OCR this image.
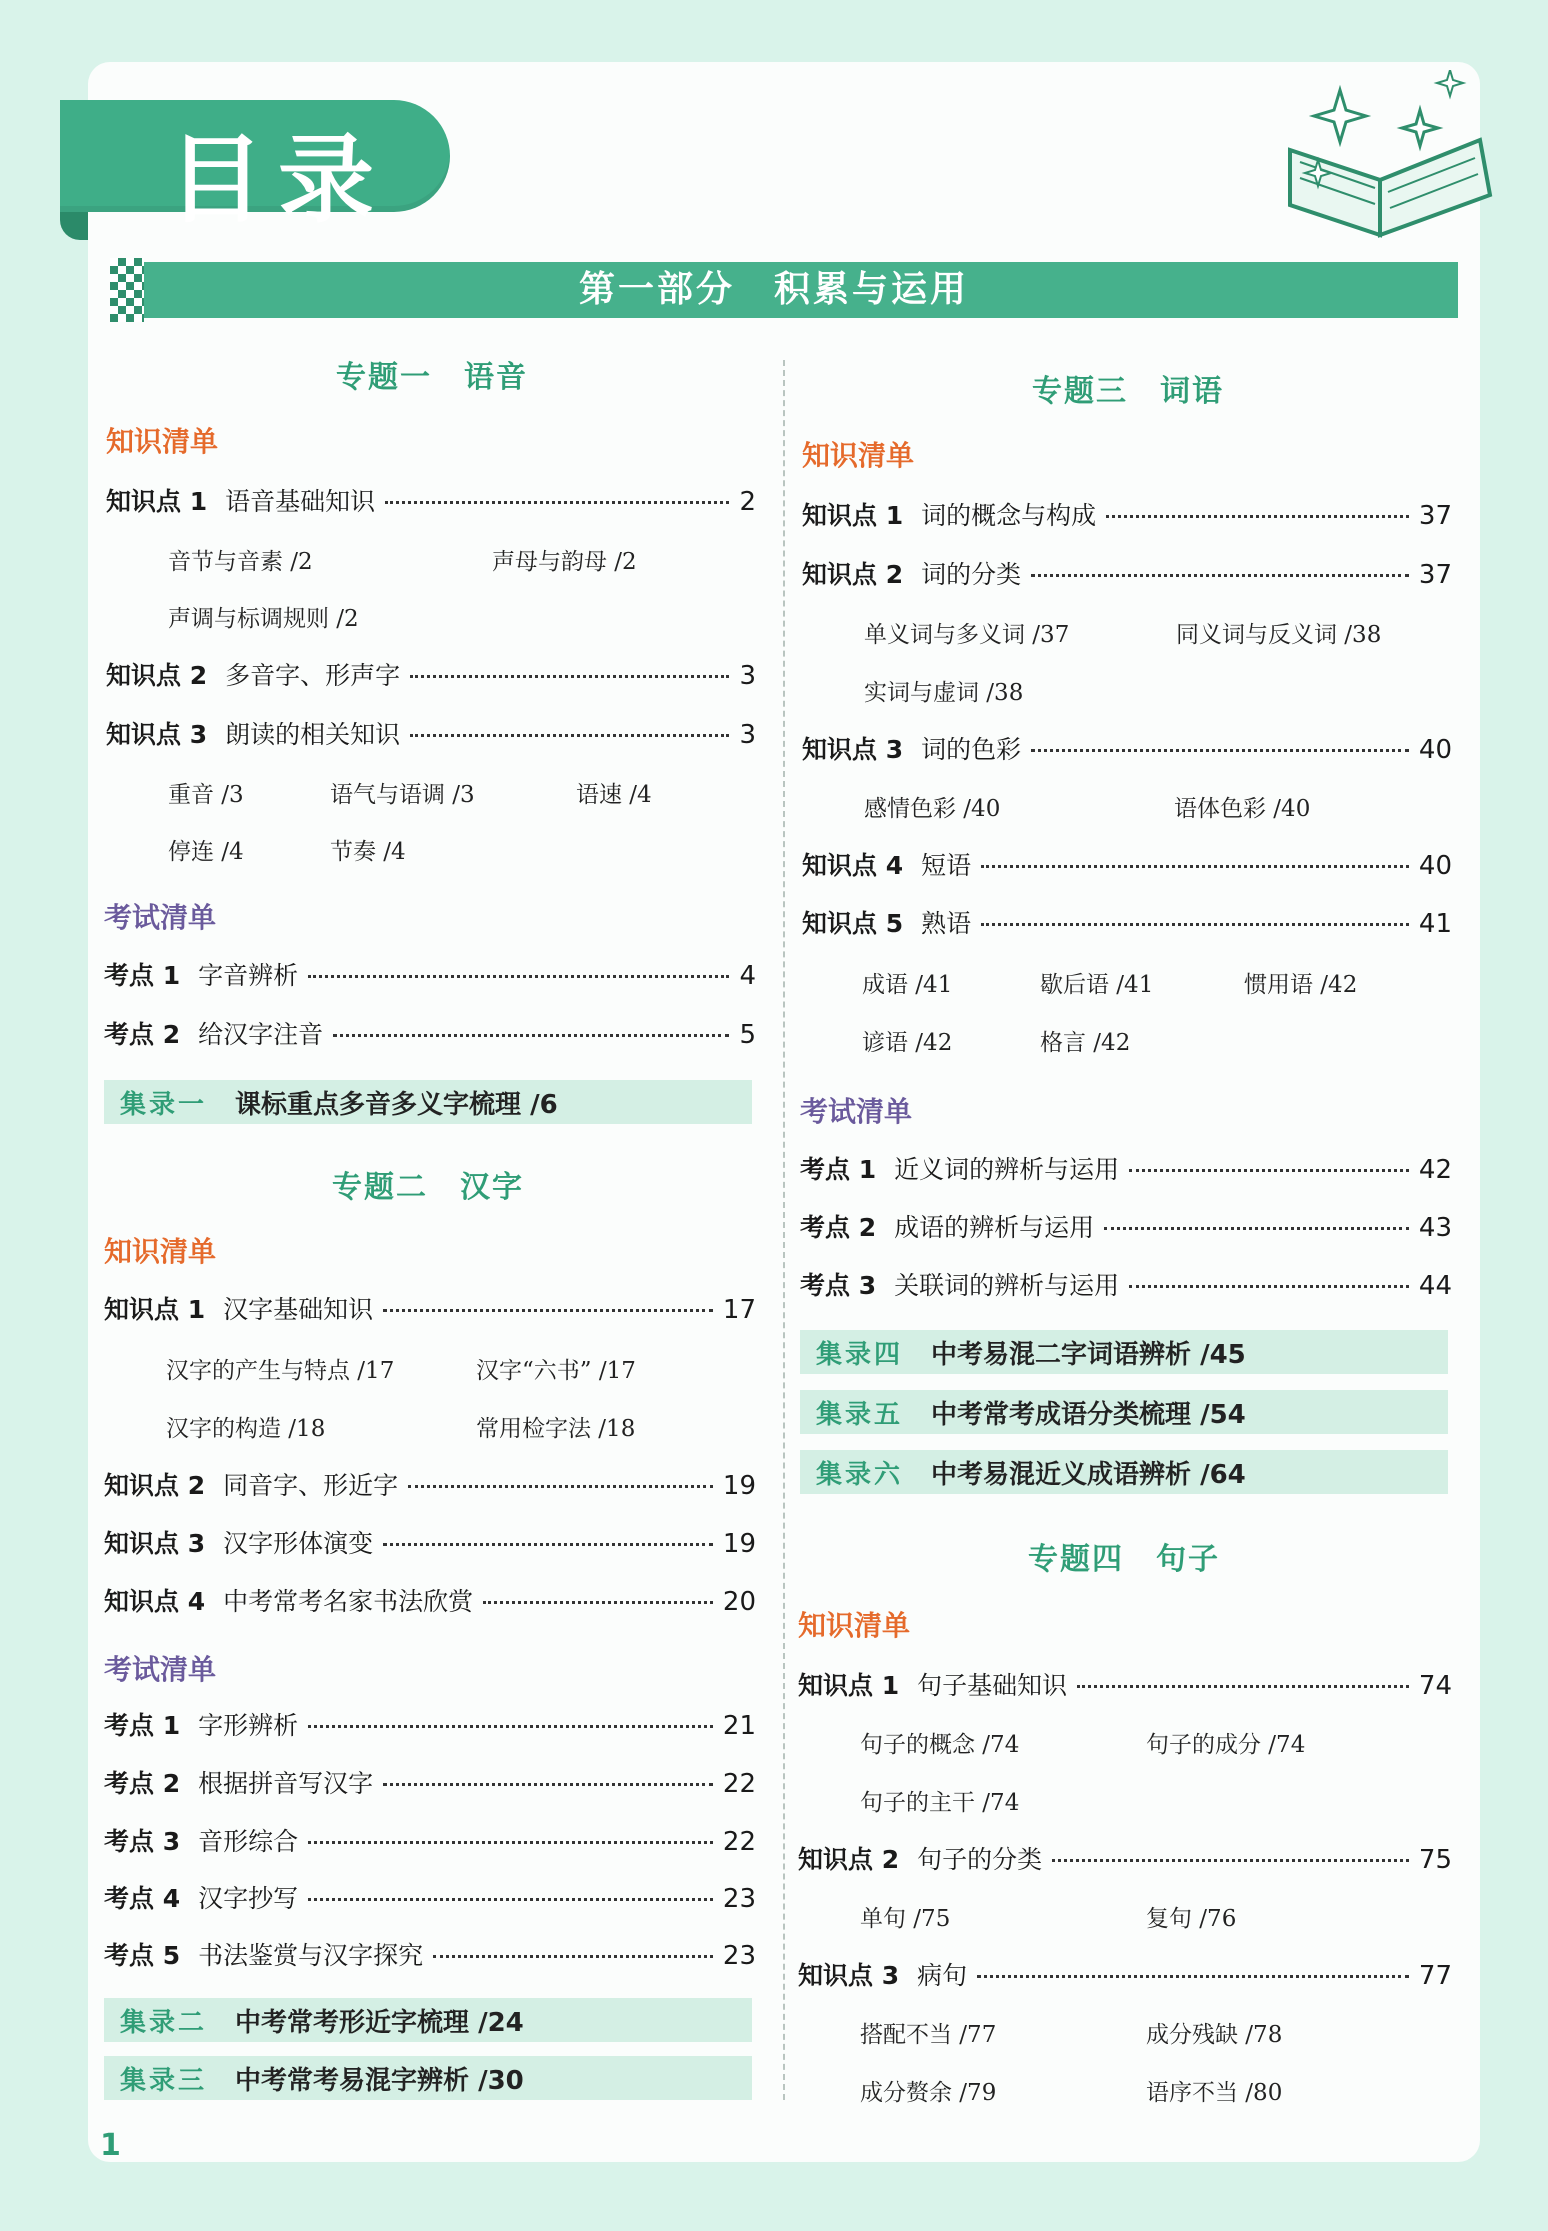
目录
第一部分　积累与运用
专题一　语音
知识清单
知识点 1 语音基础知识	2
音节与音素 /2	声母与韵母 /2
声调与标调规则 /2
知识点 2 多音字、形声字	3
知识点 3 朗读的相关知识	3
重音 /3	语气与语调 /3	语速 /4
停连 /4	节奏 /4
考试清单
考点 1 字音辨析	4
考点 2 给汉字注音	5
集录一 课标重点多音多义字梳理 /6
专题二　汉字
知识清单
知识点 1 汉字基础知识	17
汉字的产生与特点 /17	汉字“六书” /17
汉字的构造 /18	常用检字法 /18
知识点 2 同音字、形近字	19
知识点 3 汉字形体演变	19
知识点 4 中考常考名家书法欣赏	20
考试清单
考点 1 字形辨析	21
考点 2 根据拼音写汉字	22
考点 3 音形综合	22
考点 4 汉字抄写	23
考点 5 书法鉴赏与汉字探究	23
集录二 中考常考形近字梳理 /24
集录三 中考常考易混字辨析 /30
专题三　词语
知识清单
知识点 1 词的概念与构成	37
知识点 2 词的分类	37
单义词与多义词 /37	同义词与反义词 /38
实词与虚词 /38
知识点 3 词的色彩	40
感情色彩 /40	语体色彩 /40
知识点 4 短语	40
知识点 5 熟语	41
成语 /41	歇后语 /41	惯用语 /42
谚语 /42	格言 /42
考试清单
考点 1 近义词的辨析与运用	42
考点 2 成语的辨析与运用	43
考点 3 关联词的辨析与运用	44
集录四 中考易混二字词语辨析 /45
集录五 中考常考成语分类梳理 /54
集录六 中考易混近义成语辨析 /64
专题四　句子
知识清单
知识点 1 句子基础知识	74
句子的概念 /74	句子的成分 /74
句子的主干 /74
知识点 2 句子的分类	75
单句 /75	复句 /76
知识点 3 病句	77
搭配不当 /77	成分残缺 /78
成分赘余 /79	语序不当 /80
1
